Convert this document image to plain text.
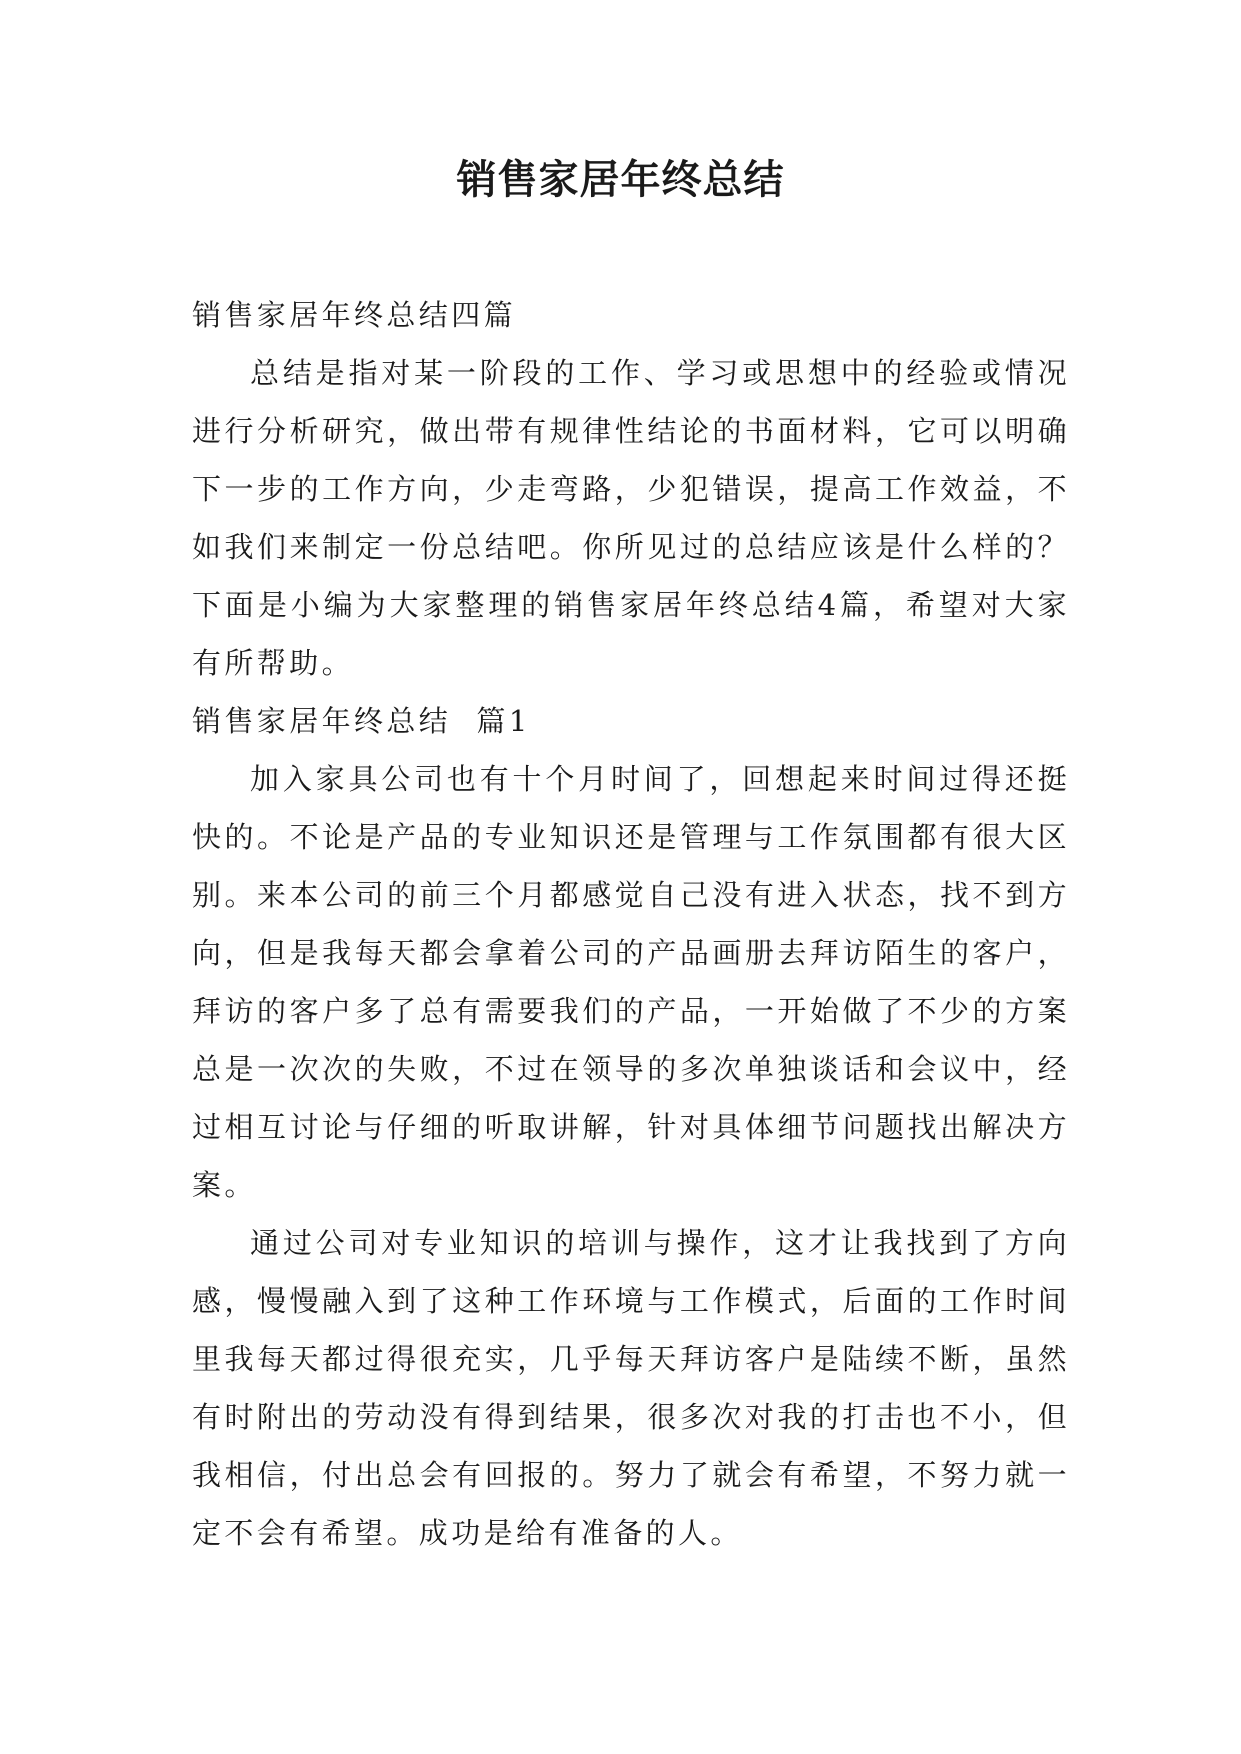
销售家居年终总结

销售家居年终总结四篇

总结是指对某一阶段的工作、学习或思想中的经验或情况进行分析研究，做出带有规律性结论的书面材料，它可以明确下一步的工作方向，少走弯路，少犯错误，提高工作效益，不如我们来制定一份总结吧。你所见过的总结应该是什么样的？下面是小编为大家整理的销售家居年终总结4篇，希望对大家有所帮助。

销售家居年终总结  篇1

加入家具公司也有十个月时间了，回想起来时间过得还挺快的。不论是产品的专业知识还是管理与工作氛围都有很大区别。来本公司的前三个月都感觉自己没有进入状态，找不到方向，但是我每天都会拿着公司的产品画册去拜访陌生的客户，拜访的客户多了总有需要我们的产品，一开始做了不少的方案总是一次次的失败，不过在领导的多次单独谈话和会议中，经过相互讨论与仔细的听取讲解，针对具体细节问题找出解决方案。

通过公司对专业知识的培训与操作，这才让我找到了方向感，慢慢融入到了这种工作环境与工作模式，后面的工作时间里我每天都过得很充实，几乎每天拜访客户是陆续不断，虽然有时附出的劳动没有得到结果，很多次对我的打击也不小，但我相信，付出总会有回报的。努力了就会有希望，不努力就一定不会有希望。成功是给有准备的人。
